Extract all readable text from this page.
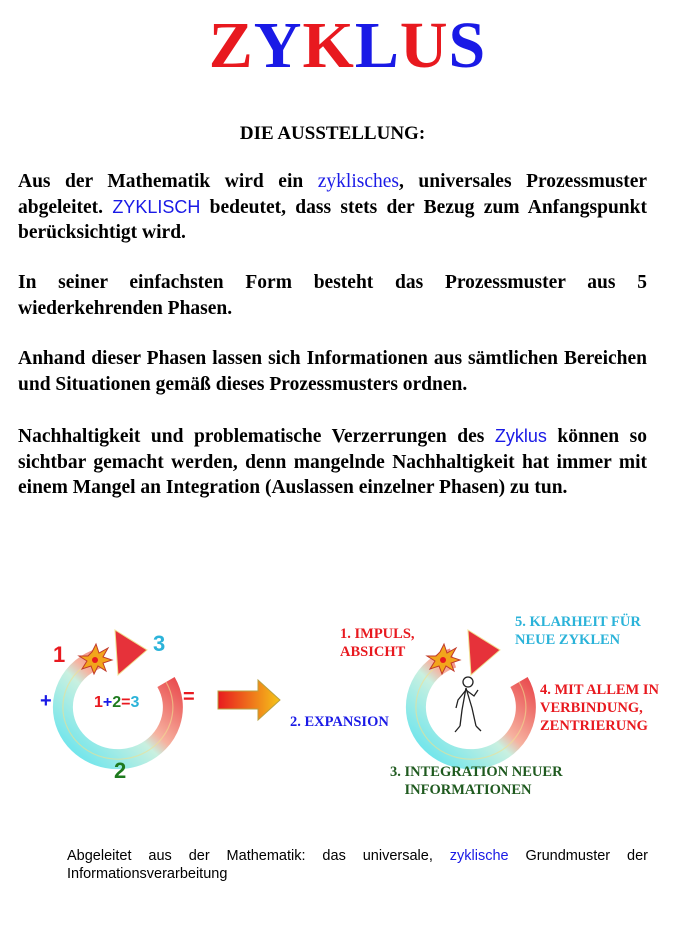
ZYKLUS
DIE AUSSTELLUNG:
Aus der Mathematik wird ein zyklisches, universales Prozessmuster abgeleitet. ZYKLISCH bedeutet, dass stets der Bezug zum Anfangspunkt berücksichtigt wird.
In seiner einfachsten Form besteht das Prozessmuster aus 5 wiederkehrenden Phasen.
Anhand dieser Phasen lassen sich Informationen aus sämtlichen Bereichen und Situationen gemäß dieses Prozessmusters ordnen.
Nachhaltigkeit und problematische Verzerrungen des Zyklus können so sichtbar gemacht werden, denn mangelnde Nachhaltigkeit hat immer mit einem Mangel an Integration (Auslassen einzelner Phasen) zu tun.
1	3
2
+	=
1+2=3
1. IMPULS,
ABSICHT
2. EXPANSION
3. INTEGRATION NEUER
INFORMATIONEN
4. MIT ALLEM IN
VERBINDUNG,
ZENTRIERUNG
5. KLARHEIT FÜR
NEUE ZYKLEN
Abgeleitet aus der Mathematik: das universale, zyklische Grundmuster der Informationsverarbeitung
